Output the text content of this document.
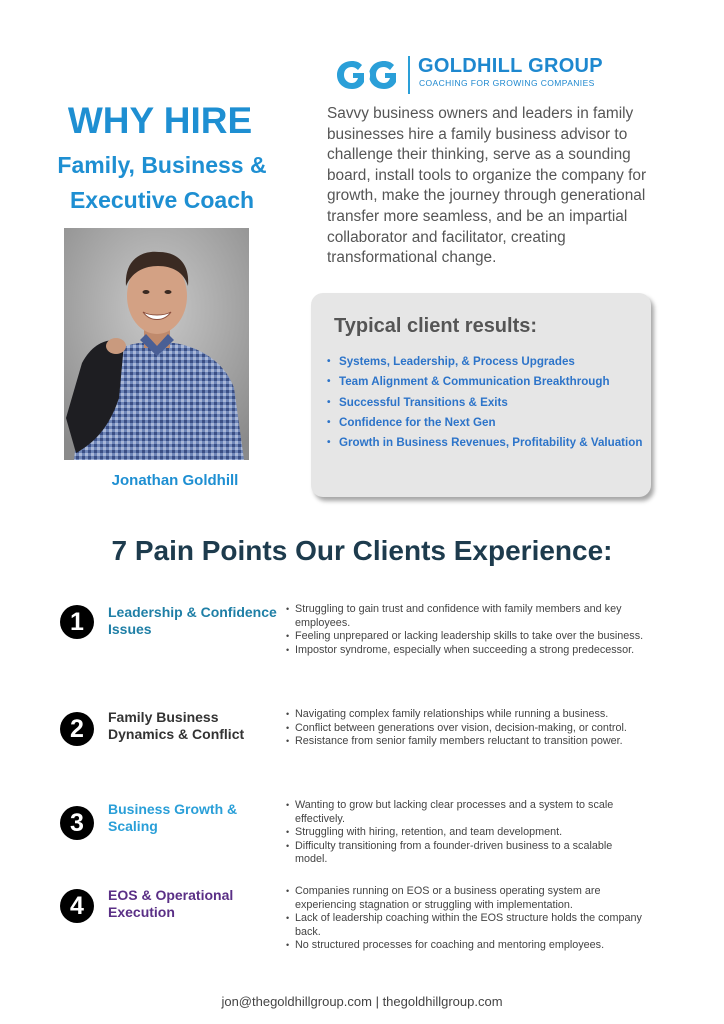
GOLDHILL GROUP
COACHING FOR GROWING COMPANIES
WHY HIRE
Family, Business & Executive Coach
Savvy business owners and leaders in family businesses hire a family business advisor to challenge their thinking, serve as a sounding board, install tools to organize the company for growth, make the journey through generational transfer more seamless, and be an impartial collaborator and facilitator, creating transformational change.
Jonathan Goldhill
Typical client results:
• Systems, Leadership, & Process Upgrades
• Team Alignment & Communication Breakthrough
• Successful Transitions & Exits
• Confidence for the Next Gen
• Growth in Business Revenues, Profitability & Valuation
7 Pain Points Our Clients Experience:
1	Leadership & Confidence Issues
• Struggling to gain trust and confidence with family members and key employees.
• Feeling unprepared or lacking leadership skills to take over the business.
• Impostor syndrome, especially when succeeding a strong predecessor.
2	Family Business Dynamics & Conflict
• Navigating complex family relationships while running a business.
• Conflict between generations over vision, decision-making, or control.
• Resistance from senior family members reluctant to transition power.
3	Business Growth & Scaling
• Wanting to grow but lacking clear processes and a system to scale effectively.
• Struggling with hiring, retention, and team development.
• Difficulty transitioning from a founder-driven business to a scalable model.
4	EOS & Operational Execution
• Companies running on EOS or a business operating system are experiencing stagnation or struggling with implementation.
• Lack of leadership coaching within the EOS structure holds the company back.
• No structured processes for coaching and mentoring employees.
jon@thegoldhillgroup.com | thegoldhillgroup.com
